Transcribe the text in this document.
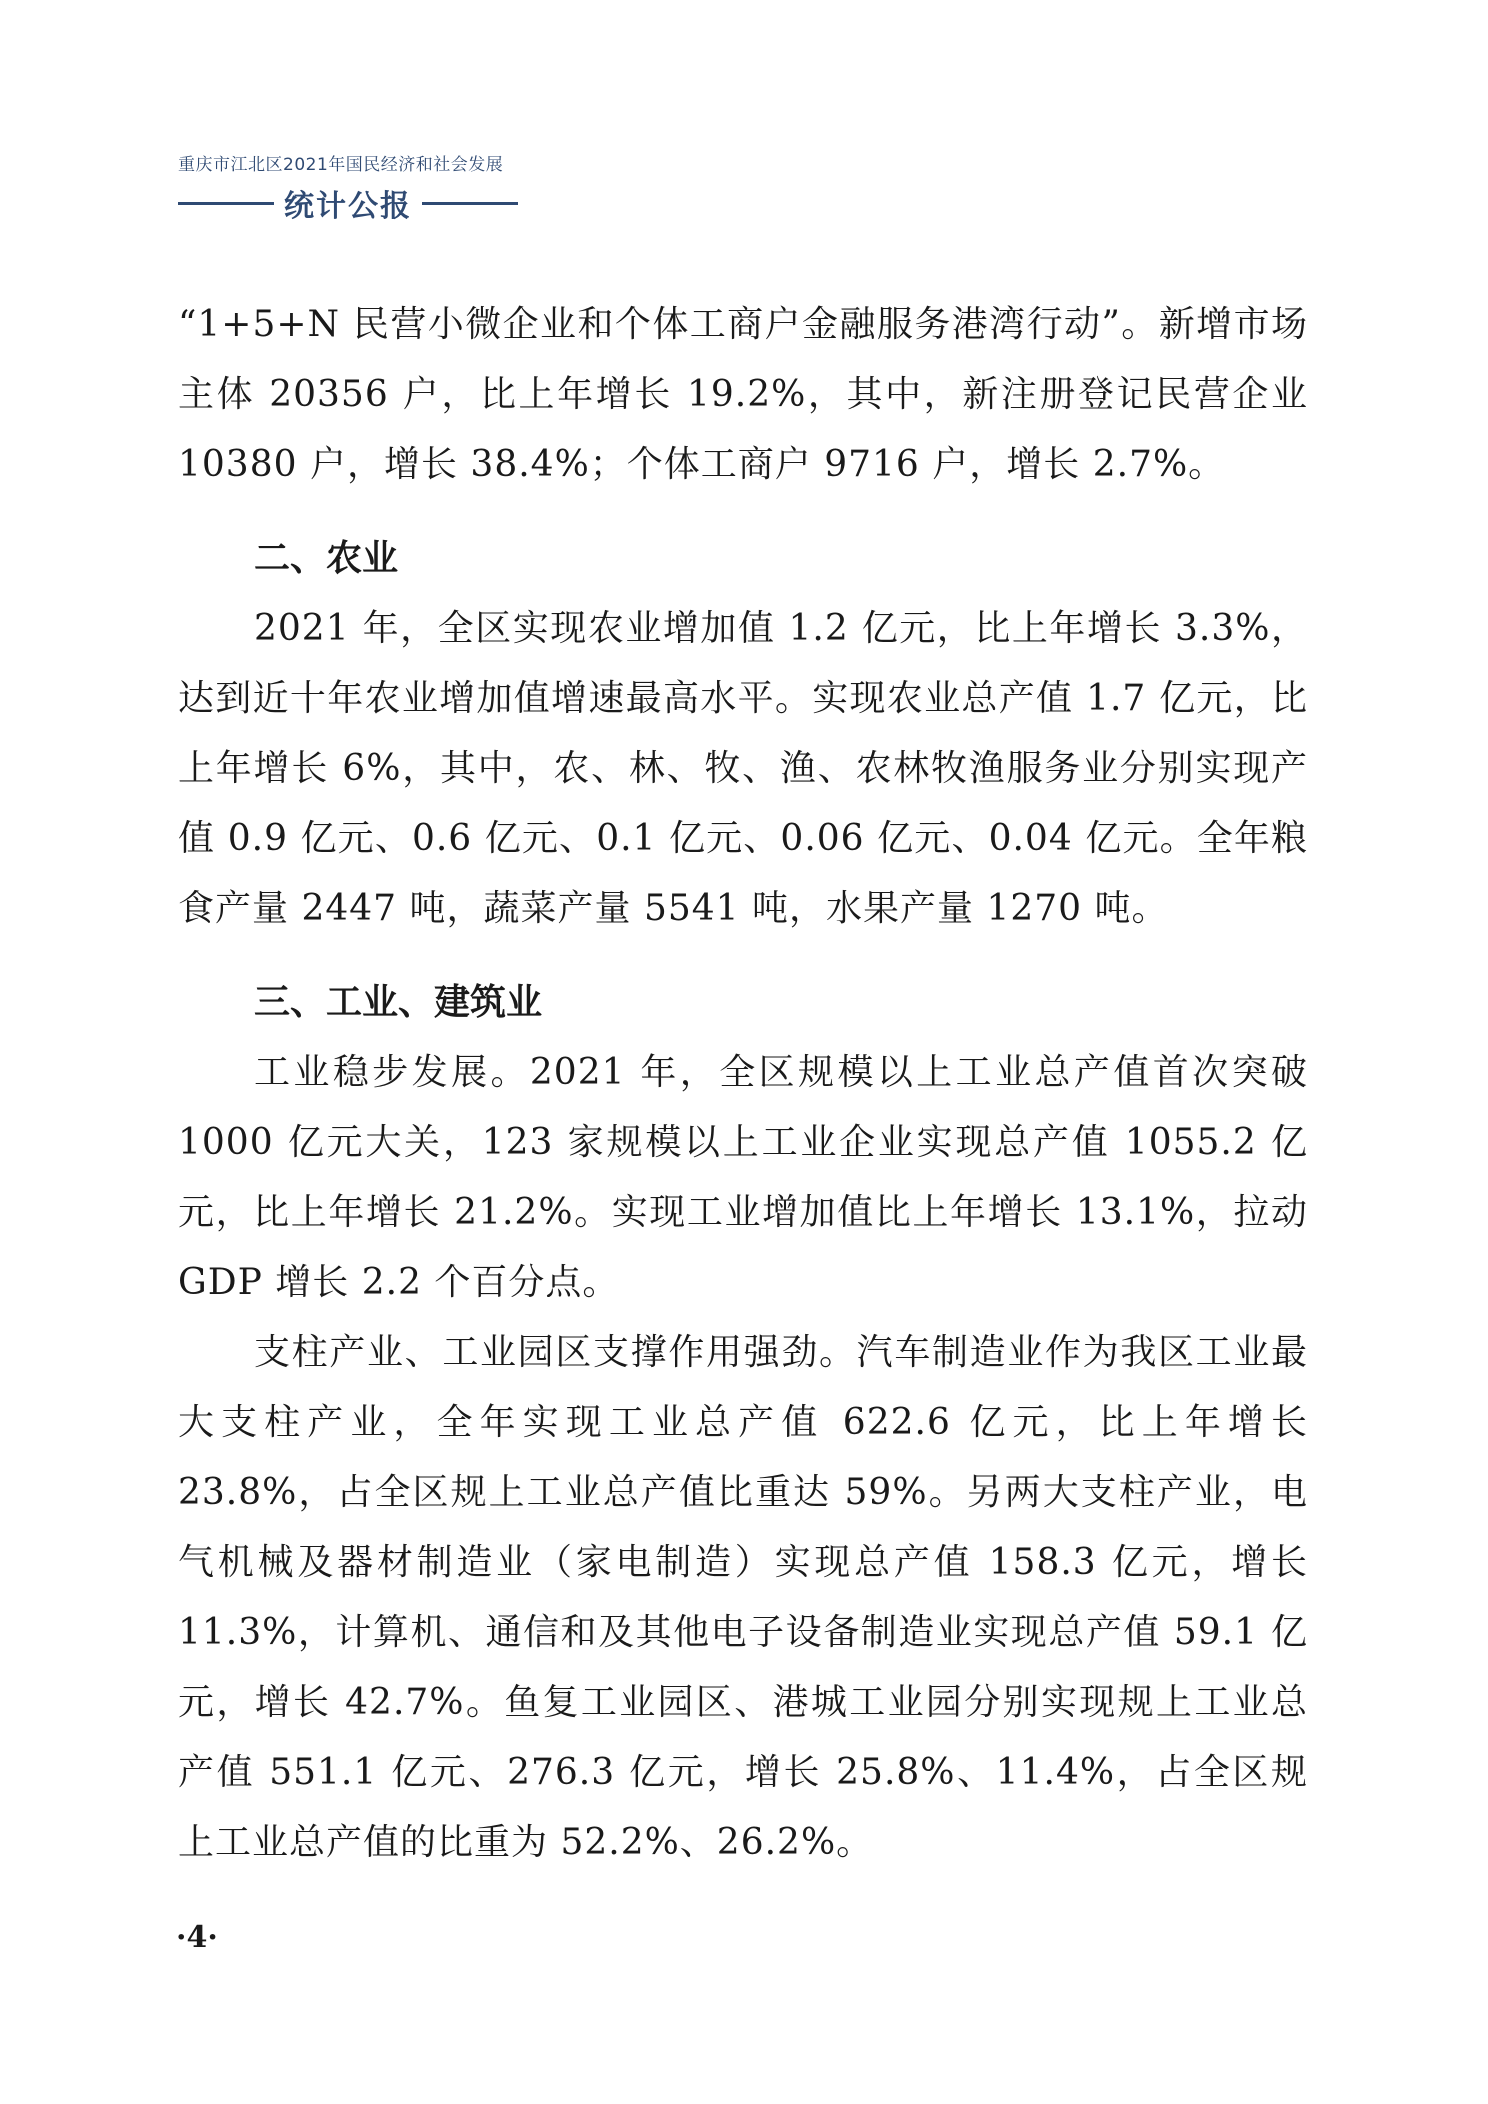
重庆市江北区2021年国民经济和社会发展
统计公报

“1+5+N 民营小微企业和个体工商户金融服务港湾行动”。新增市场主体 20356 户，比上年增长 19.2%，其中，新注册登记民营企业 10380 户，增长 38.4%；个体工商户 9716 户，增长 2.7%。

二、农业

2021 年，全区实现农业增加值 1.2 亿元，比上年增长 3.3%，达到近十年农业增加值增速最高水平。实现农业总产值 1.7 亿元，比上年增长 6%，其中，农、林、牧、渔、农林牧渔服务业分别实现产值 0.9 亿元、0.6 亿元、0.1 亿元、0.06 亿元、0.04 亿元。全年粮食产量 2447 吨，蔬菜产量 5541 吨，水果产量 1270 吨。

三、工业、建筑业

工业稳步发展。2021 年，全区规模以上工业总产值首次突破 1000 亿元大关，123 家规模以上工业企业实现总产值 1055.2 亿元，比上年增长 21.2%。实现工业增加值比上年增长 13.1%，拉动 GDP 增长 2.2 个百分点。

支柱产业、工业园区支撑作用强劲。汽车制造业作为我区工业最大支柱产业，全年实现工业总产值 622.6 亿元，比上年增长 23.8%，占全区规上工业总产值比重达 59%。另两大支柱产业，电气机械及器材制造业（家电制造）实现总产值 158.3 亿元，增长 11.3%，计算机、通信和及其他电子设备制造业实现总产值 59.1 亿元，增长 42.7%。鱼复工业园区、港城工业园分别实现规上工业总产值 551.1 亿元、276.3 亿元，增长 25.8%、11.4%，占全区规上工业总产值的比重为 52.2%、26.2%。

·4·
